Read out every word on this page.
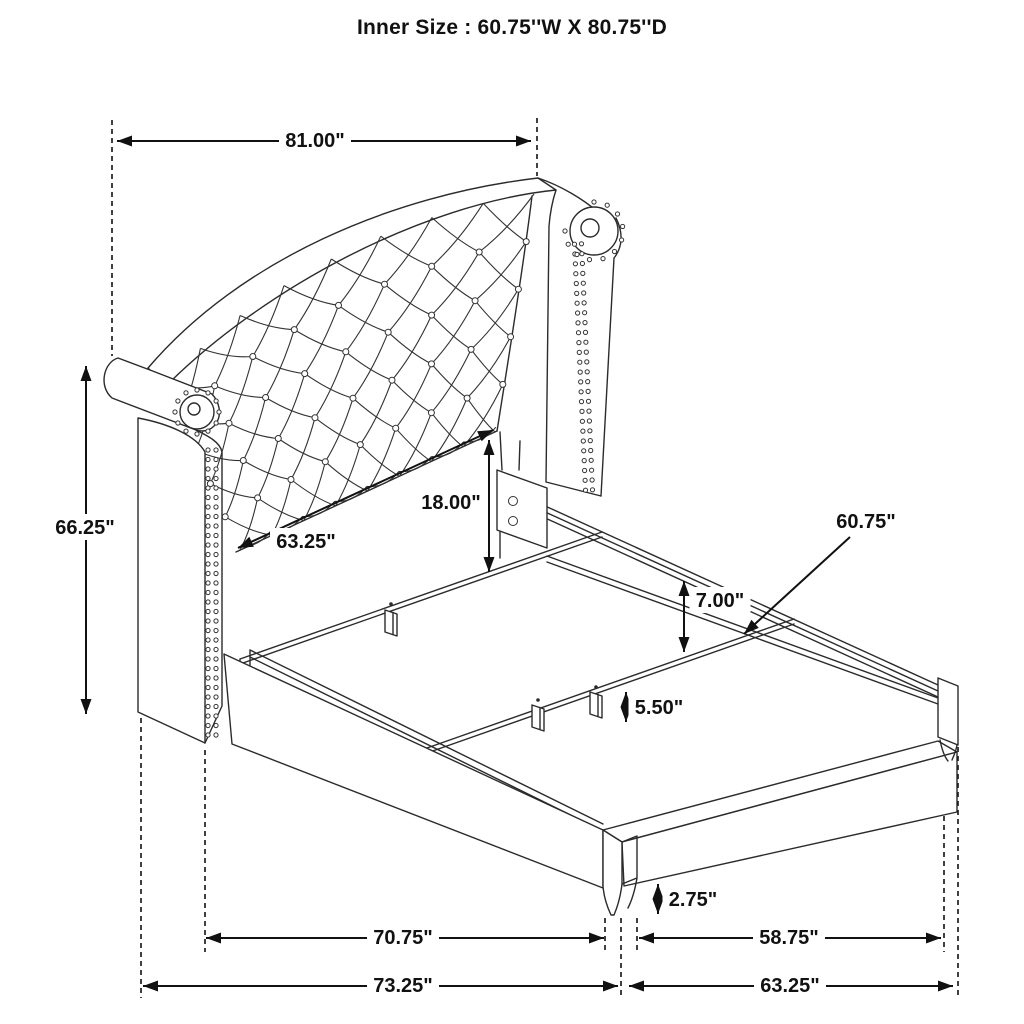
Inner Size : 60.75''W X 80.75''D
81.00"
66.25"
63.25"
18.00"
7.00"
5.50"
2.75"
70.75"	58.75"
73.25"	63.25"
60.75"
